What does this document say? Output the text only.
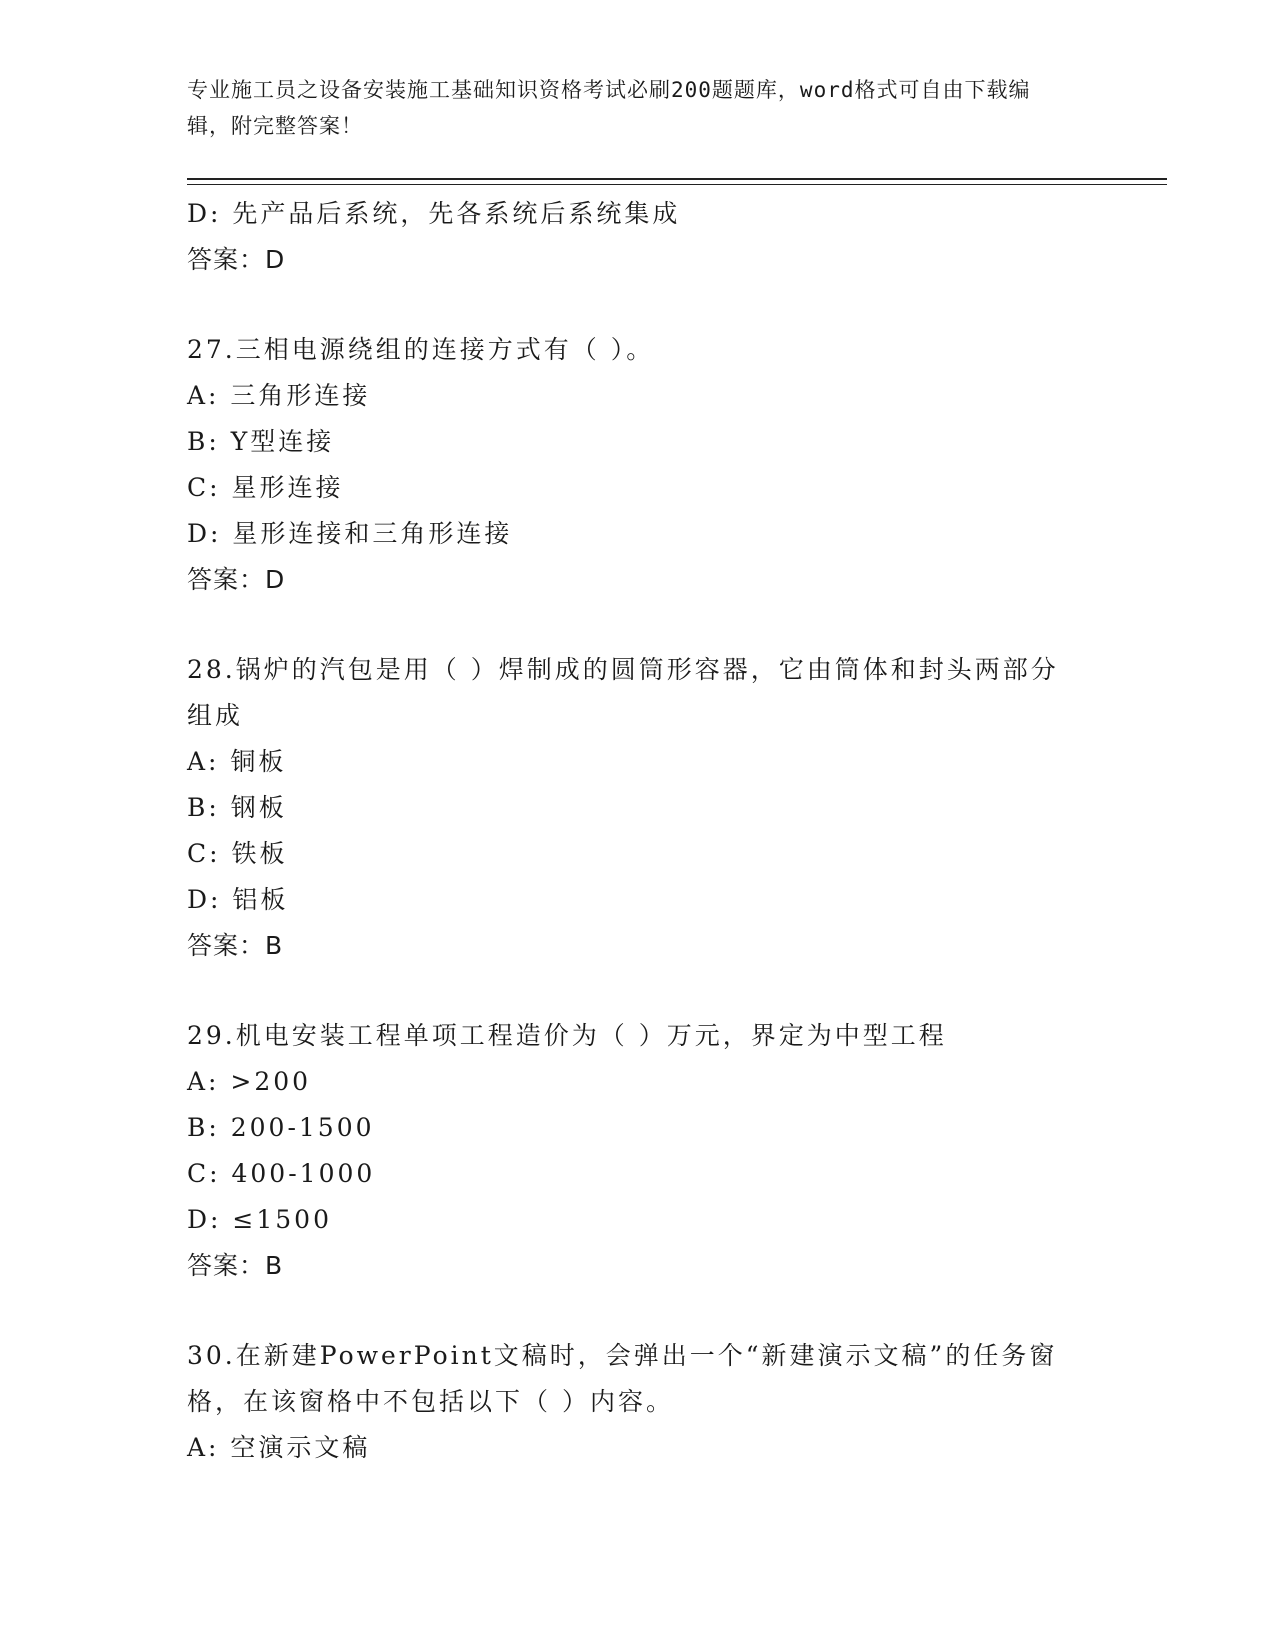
专业施工员之设备安装施工基础知识资格考试必刷200题题库，word格式可自由下载编辑，附完整答案！
D: 先产品后系统，先各系统后系统集成
答案：D
27.三相电源绕组的连接方式有（ ）。
A: 三角形连接
B: Y型连接
C: 星形连接
D: 星形连接和三角形连接
答案：D
28.锅炉的汽包是用（ ）焊制成的圆筒形容器，它由筒体和封头两部分组成
A: 铜板
B: 钢板
C: 铁板
D: 铝板
答案：B
29.机电安装工程单项工程造价为（ ）万元，界定为中型工程
A: >200
B: 200-1500
C: 400-1000
D: ≤1500
答案：B
30.在新建PowerPoint文稿时，会弹出一个“新建演示文稿”的任务窗格，在该窗格中不包括以下（ ）内容。
A: 空演示文稿
